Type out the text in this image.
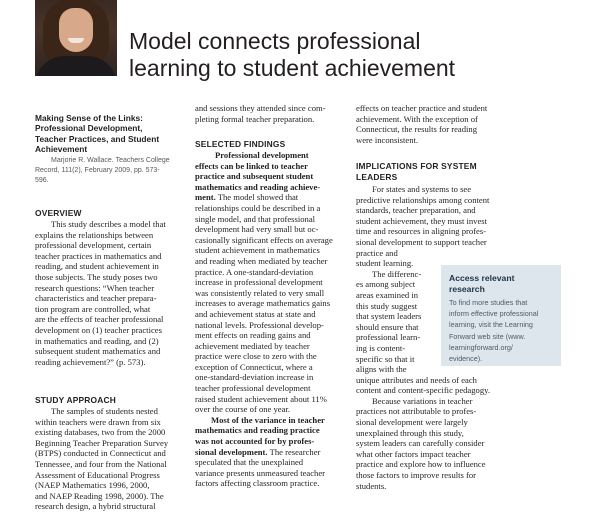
Model connects professional
learning to student achievement
Making Sense of the Links:
Professional Development,
Teacher Practices, and Student
Achievement
Marjorie R. Wallace. Teachers College
Record, 111(2), February 2009, pp. 573-
596.
OVERVIEW
This study describes a model that
explains the relationships between
professional development, certain
teacher practices in mathematics and
reading, and student achievement in
those subjects. The study poses two
research questions: “When teacher
characteristics and teacher prepara-
tion program are controlled, what
are the effects of teacher professional
development on (1) teacher practices
in mathematics and reading, and (2)
subsequent student mathematics and
reading achievement?” (p. 573).
STUDY APPROACH
The samples of students nested
within teachers were drawn from six
existing databases, two from the 2000
Beginning Teacher Preparation Survey
(BTPS) conducted in Connecticut and
Tennessee, and four from the National
Assessment of Educational Progress
(NAEP Mathematics 1996, 2000,
and NAEP Reading 1998, 2000). The
research design, a hybrid structural
and sessions they attended since com-
pleting formal teacher preparation.
SELECTED FINDINGS
Professional development
effects can be linked to teacher
practice and subsequent student
mathematics and reading achieve-
ment. The model showed that
relationships could be described in a
single model, and that professional
development had very small but oc-
casionally significant effects on average
student achievement in mathematics
and reading when mediated by teacher
practice. A one-standard-deviation
increase in professional development
was consistently related to very small
increases to average mathematics gains
and achievement status at state and
national levels. Professional develop-
ment effects on reading gains and
achievement mediated by teacher
practice were close to zero with the
exception of Connecticut, where a
one-standard-deviation increase in
teacher professional development
raised student achievement about 11%
over the course of one year.
Most of the variance in teacher
mathematics and reading practice
was not accounted for by profes-
sional development. The researcher
speculated that the unexplained
variance presents unmeasured teacher
factors affecting classroom practice.
effects on teacher practice and student
achievement. With the exception of
Connecticut, the results for reading
were inconsistent.
IMPLICATIONS FOR SYSTEM
LEADERS
For states and systems to see
predictive relationships among content
standards, teacher preparation, and
student achievement, they must invest
time and resources in aligning profes-
sional development to support teacher
practice and
student learning.
The differenc-
es among subject
areas examined in
this study suggest
that system leaders
should ensure that
professional learn-
ing is content-
specific so that it
aligns with the
unique attributes and needs of each
content and content-specific pedagogy.
Because variations in teacher
practices not attributable to profes-
sional development were largely
unexplained through this study,
system leaders can carefully consider
what other factors impact teacher
practice and explore how to influence
those factors to improve results for
students.
Access relevant
research
To find more studies that
inform effective professional
learning, visit the Learning
Forward web site (www.
learningforward.org/
evidence).
